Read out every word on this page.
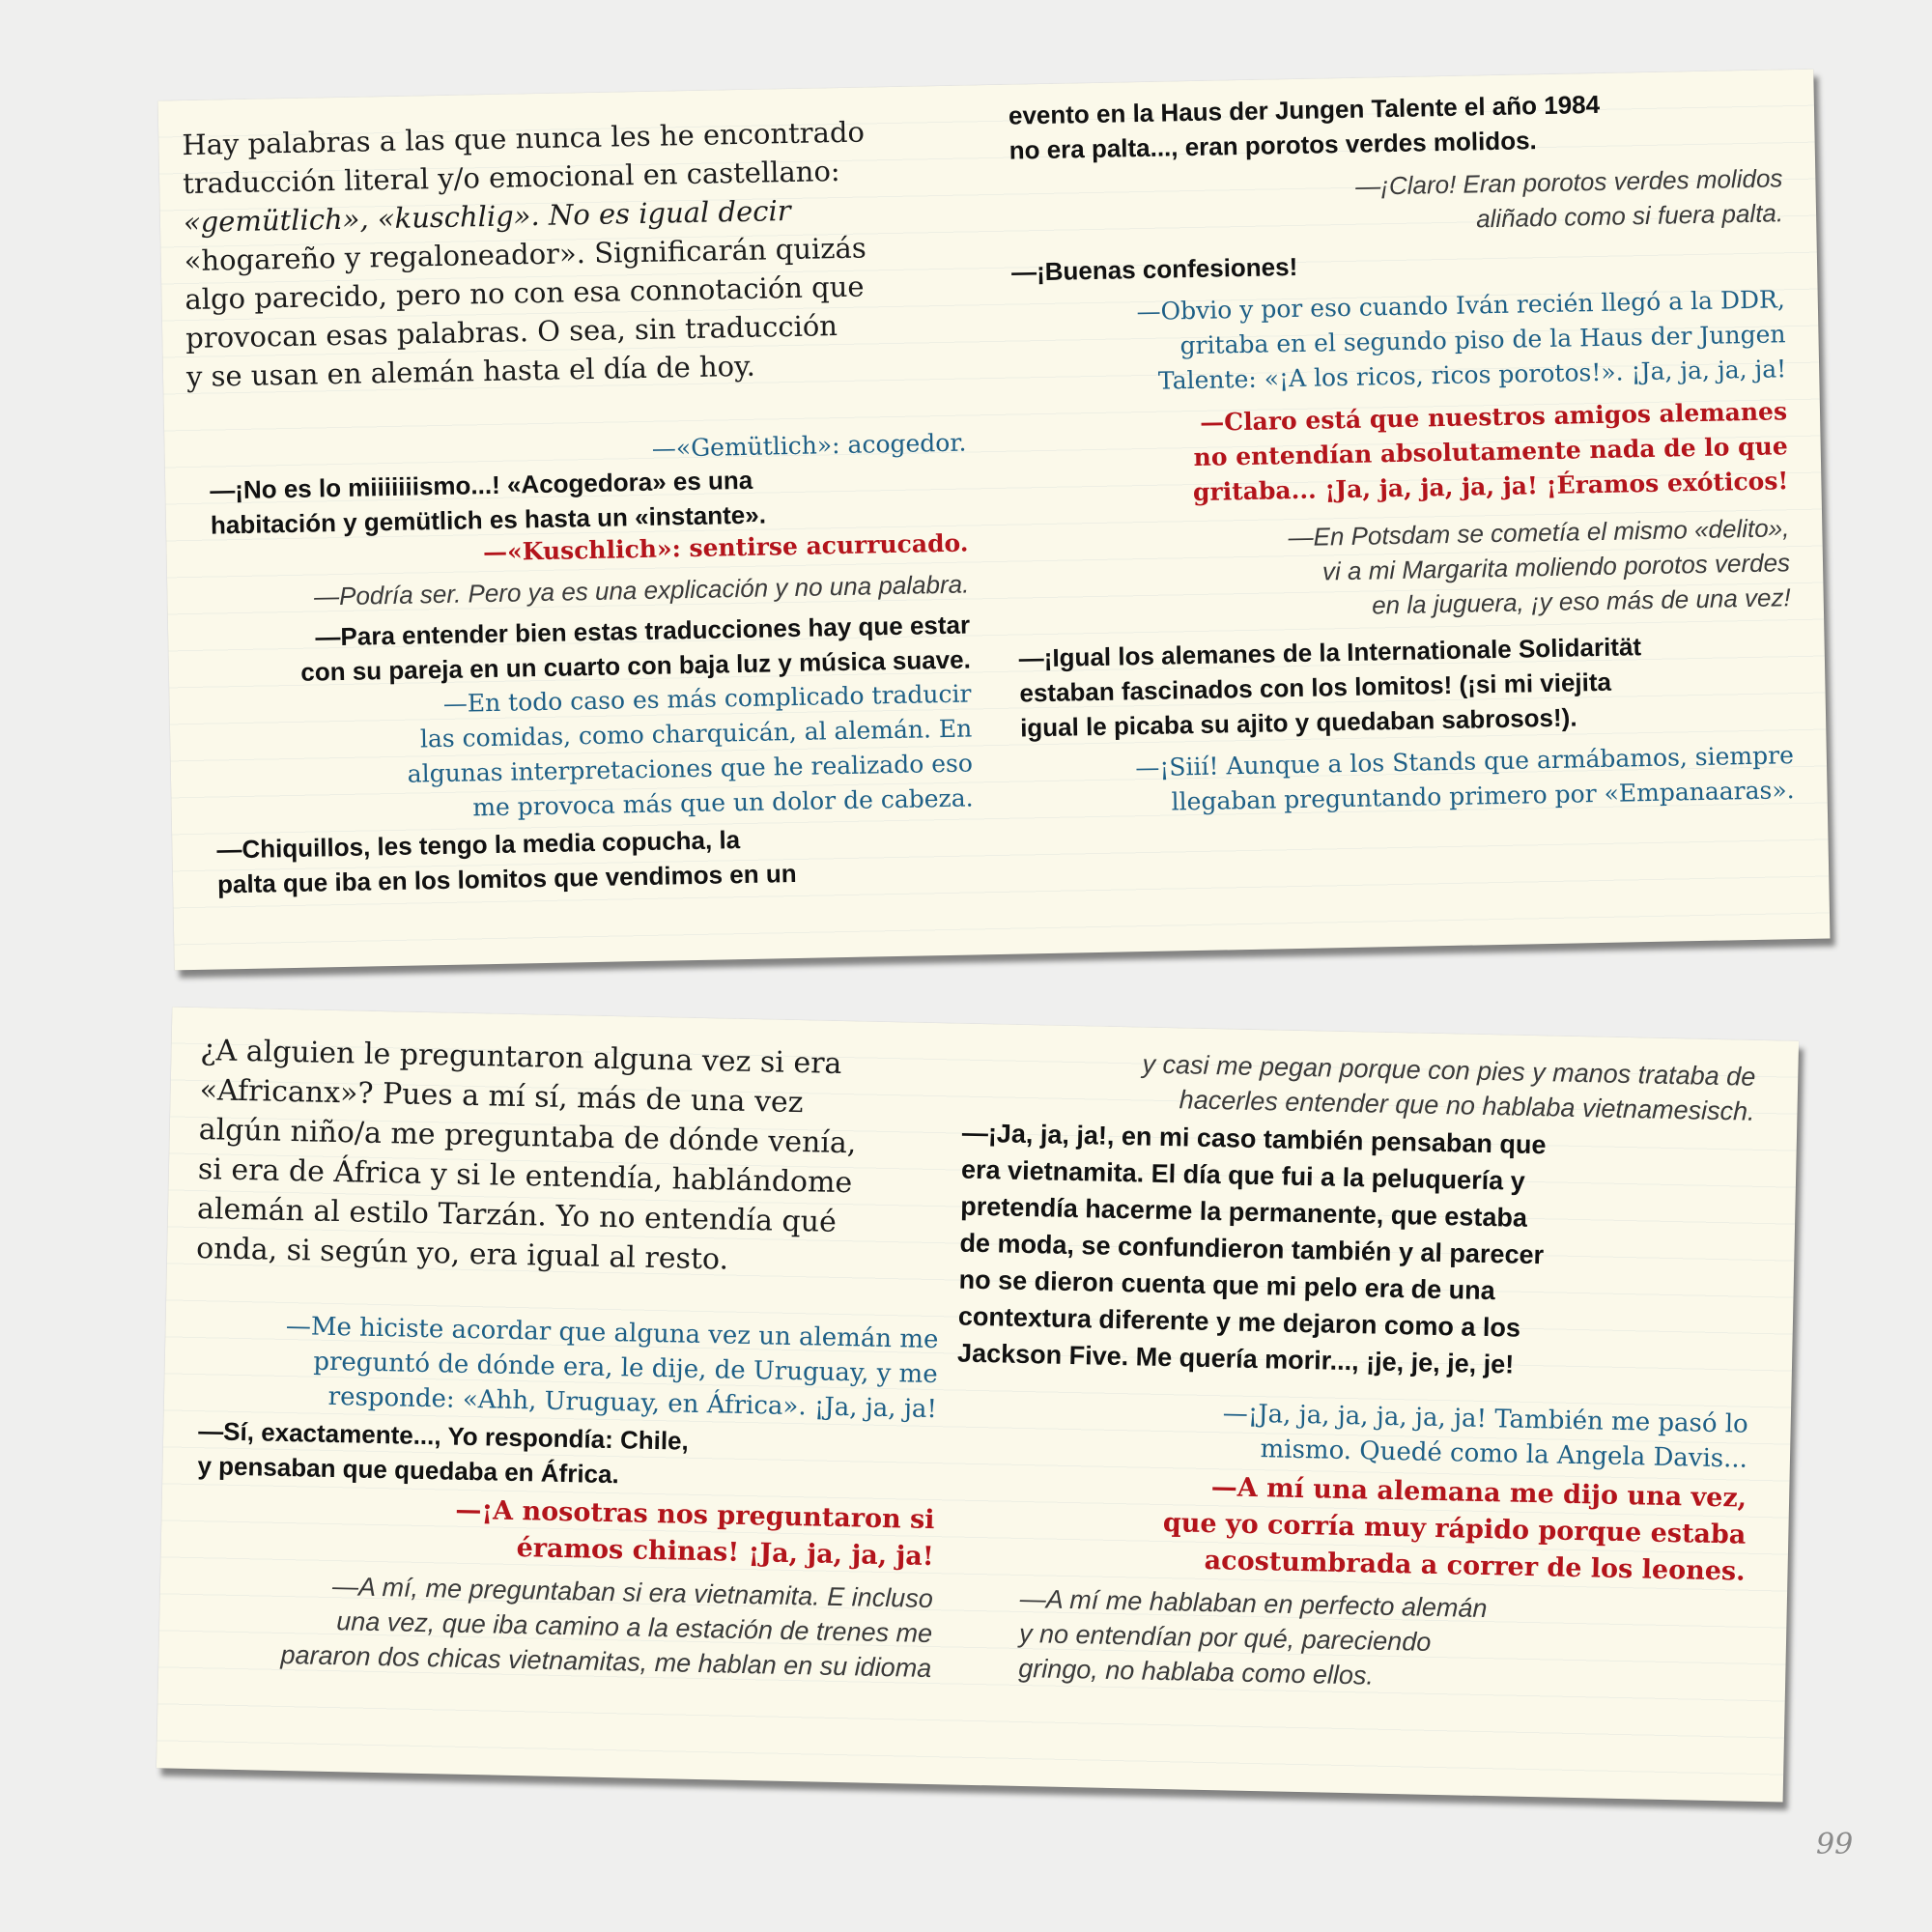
Hay palabras a las que nunca les he encontrado
traducción literal y/o emocional en castellano:
«gemütlich», «kuschlig». No es igual decir
«hogareño y regaloneador». Significarán quizás
algo parecido, pero no con esa connotación que
provocan esas palabras. O sea, sin traducción
y se usan en alemán hasta el día de hoy.

—«Gemütlich»: acogedor.

—¡No es lo miiiiiiismo...! «Acogedora» es una
habitación y gemütlich es hasta un «instante».

—«Kuschlich»: sentirse acurrucado.

—Podría ser. Pero ya es una explicación y no una palabra.

—Para entender bien estas traducciones hay que estar
con su pareja en un cuarto con baja luz y música suave.

—En todo caso es más complicado traducir
las comidas, como charquicán, al alemán. En
algunas interpretaciones que he realizado eso
me provoca más que un dolor de cabeza.

—Chiquillos, les tengo la media copucha, la
palta que iba en los lomitos que vendimos en un

evento en la Haus der Jungen Talente el año 1984
no era palta..., eran porotos verdes molidos.

—¡Claro! Eran porotos verdes molidos
aliñado como si fuera palta.

—¡Buenas confesiones!

—Obvio y por eso cuando Iván recién llegó a la DDR,
gritaba en el segundo piso de la Haus der Jungen
Talente: «¡A los ricos, ricos porotos!». ¡Ja, ja, ja, ja!

—Claro está que nuestros amigos alemanes
no entendían absolutamente nada de lo que
gritaba... ¡Ja, ja, ja, ja, ja! ¡Éramos exóticos!

—En Potsdam se cometía el mismo «delito»,
vi a mi Margarita moliendo porotos verdes
en la juguera, ¡y eso más de una vez!

—¡Igual los alemanes de la Internationale Solidarität
estaban fascinados con los lomitos! (¡si mi viejita
igual le picaba su ajito y quedaban sabrosos!).

—¡Siií! Aunque a los Stands que armábamos, siempre
llegaban preguntando primero por «Empanaaras».

¿A alguien le preguntaron alguna vez si era
«Africanx»? Pues a mí sí, más de una vez
algún niño/a me preguntaba de dónde venía,
si era de África y si le entendía, hablándome
alemán al estilo Tarzán. Yo no entendía qué
onda, si según yo, era igual al resto.

—Me hiciste acordar que alguna vez un alemán me
preguntó de dónde era, le dije, de Uruguay, y me
responde: «Ahh, Uruguay, en África». ¡Ja, ja, ja!

—Sí, exactamente..., Yo respondía: Chile,
y pensaban que quedaba en África.

—¡A nosotras nos preguntaron si
éramos chinas! ¡Ja, ja, ja, ja!

—A mí, me preguntaban si era vietnamita. E incluso
una vez, que iba camino a la estación de trenes me
pararon dos chicas vietnamitas, me hablan en su idioma

y casi me pegan porque con pies y manos trataba de
hacerles entender que no hablaba vietnamesisch.

—¡Ja, ja, ja!, en mi caso también pensaban que
era vietnamita. El día que fui a la peluquería y
pretendía hacerme la permanente, que estaba
de moda, se confundieron también y al parecer
no se dieron cuenta que mi pelo era de una
contextura diferente y me dejaron como a los
Jackson Five. Me quería morir..., ¡je, je, je, je!

—¡Ja, ja, ja, ja, ja, ja! También me pasó lo
mismo. Quedé como la Angela Davis...

—A mí una alemana me dijo una vez,
que yo corría muy rápido porque estaba
acostumbrada a correr de los leones.

—A mí me hablaban en perfecto alemán
y no entendían por qué, pareciendo
gringo, no hablaba como ellos.

99
